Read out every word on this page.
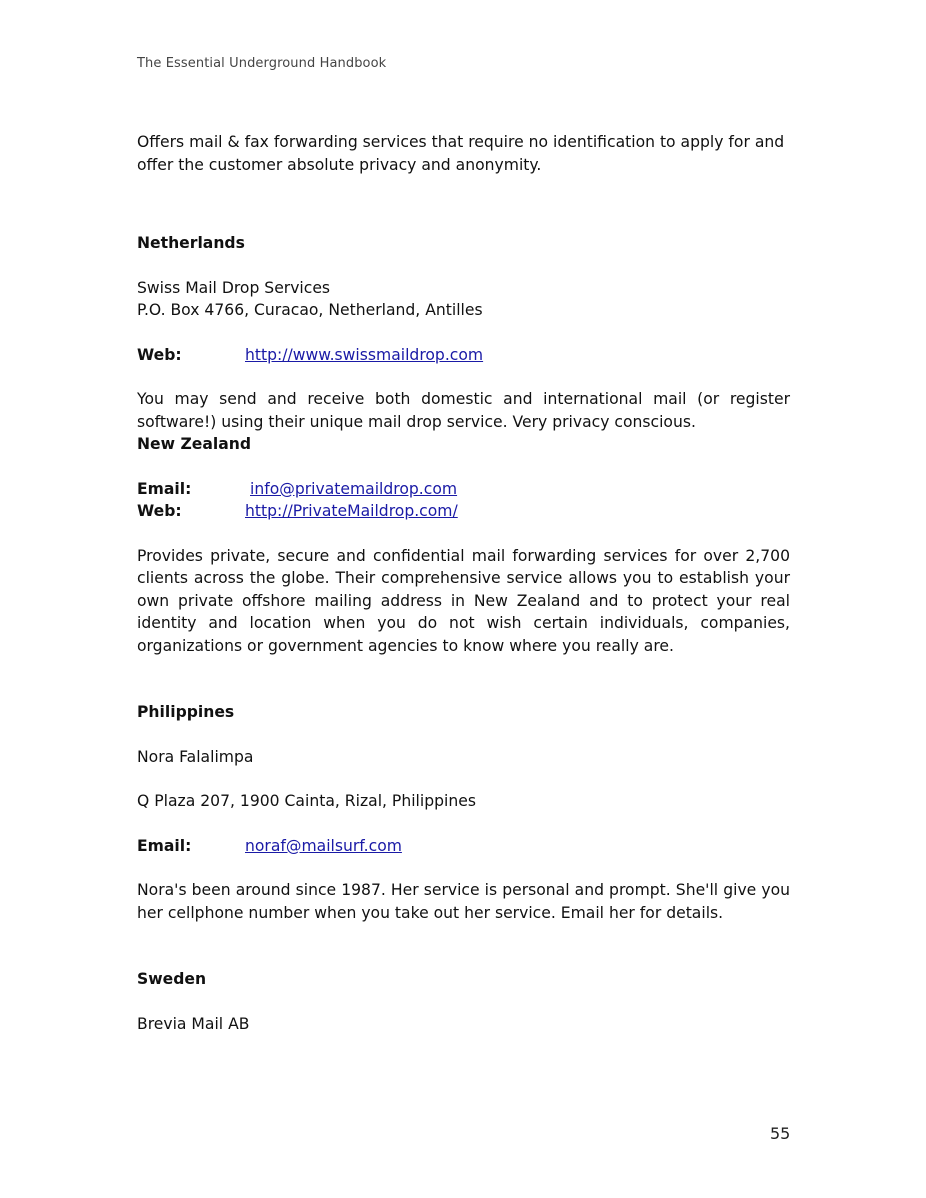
The Essential Underground Handbook

Offers mail & fax forwarding services that require no identification to apply for and offer the customer absolute privacy and anonymity.

Netherlands

Swiss Mail Drop Services

P.O. Box 4766, Curacao, Netherland, Antilles

Web:	http://www.swissmaildrop.com

You may send and receive both domestic and international mail (or register software!) using their unique mail drop service. Very privacy conscious.

New Zealand

Email:	info@privatemaildrop.com
Web:	http://PrivateMaildrop.com/

Provides private, secure and confidential mail forwarding services for over 2,700 clients across the globe. Their comprehensive service allows you to establish your own private offshore mailing address in New Zealand and to protect your real identity and location when you do not wish certain individuals, companies, organizations or government agencies to know where you really are.

Philippines

Nora Falalimpa

Q Plaza 207, 1900 Cainta, Rizal, Philippines

Email:	noraf@mailsurf.com

Nora's been around since 1987. Her service is personal and prompt. She'll give you her cellphone number when you take out her service. Email her for details.

Sweden

Brevia Mail AB

55
